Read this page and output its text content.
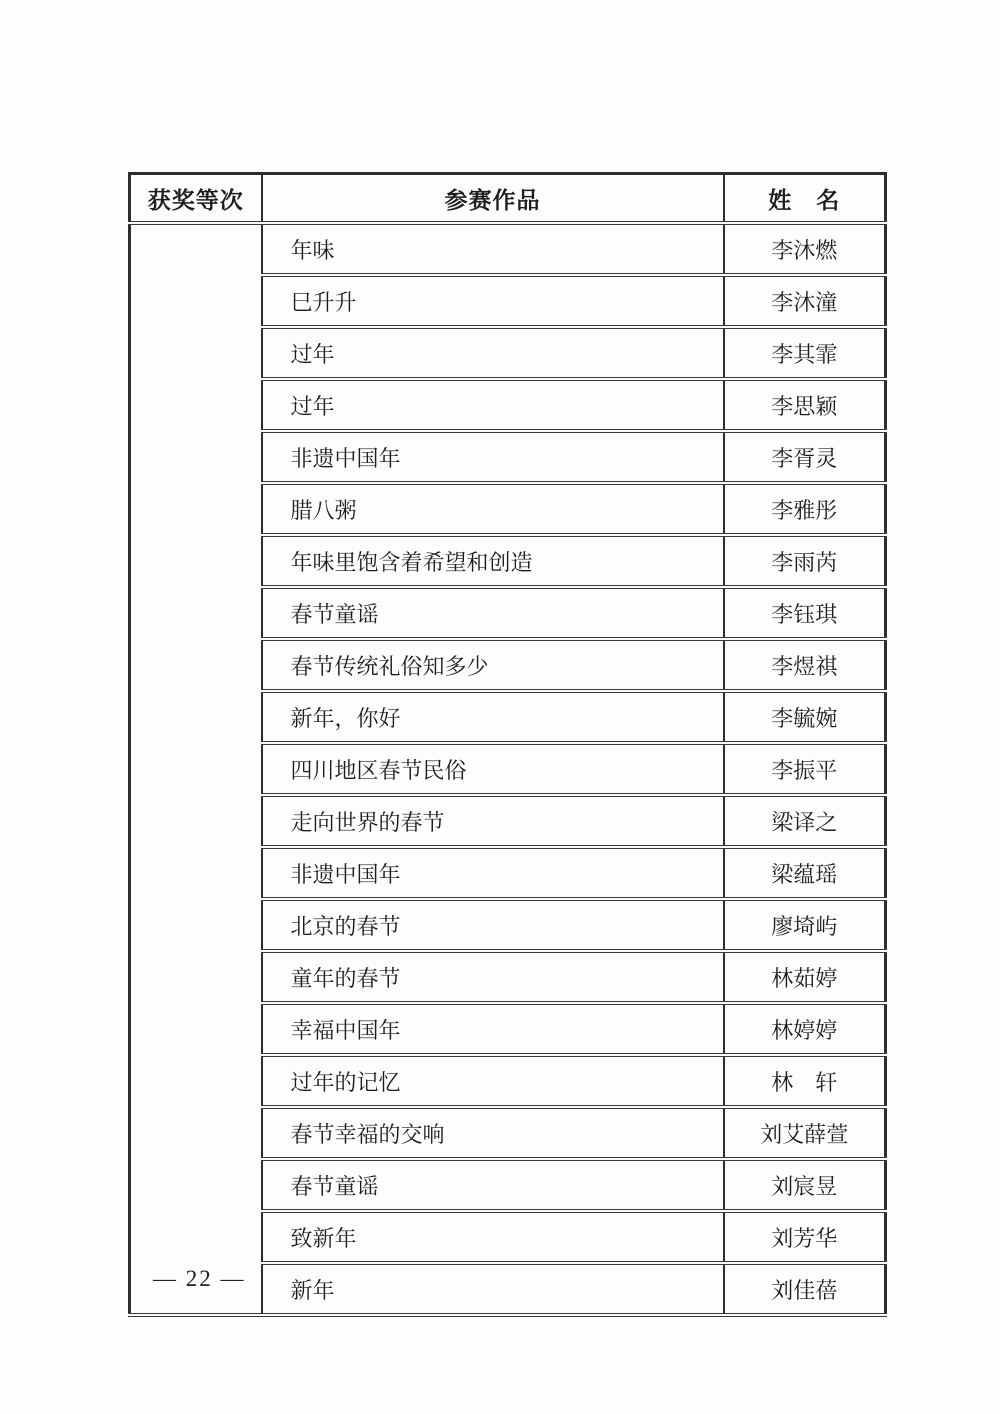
获奖等次	参赛作品	姓　名
	年味	李沐燃
	巳升升	李沐潼
	过年	李其霏
	过年	李思颖
	非遗中国年	李胥灵
	腊八粥	李雅彤
	年味里饱含着希望和创造	李雨芮
	春节童谣	李钰琪
	春节传统礼俗知多少	李煜祺
	新年，你好	李毓婉
	四川地区春节民俗	李振平
	走向世界的春节	梁译之
	非遗中国年	梁蕴瑶
	北京的春节	廖埼屿
	童年的春节	林茹婷
	幸福中国年	林婷婷
	过年的记忆	林　轩
	春节幸福的交响	刘艾薛萱
	春节童谣	刘宸昱
	致新年	刘芳华
	新年	刘佳蓓
— 22 —
